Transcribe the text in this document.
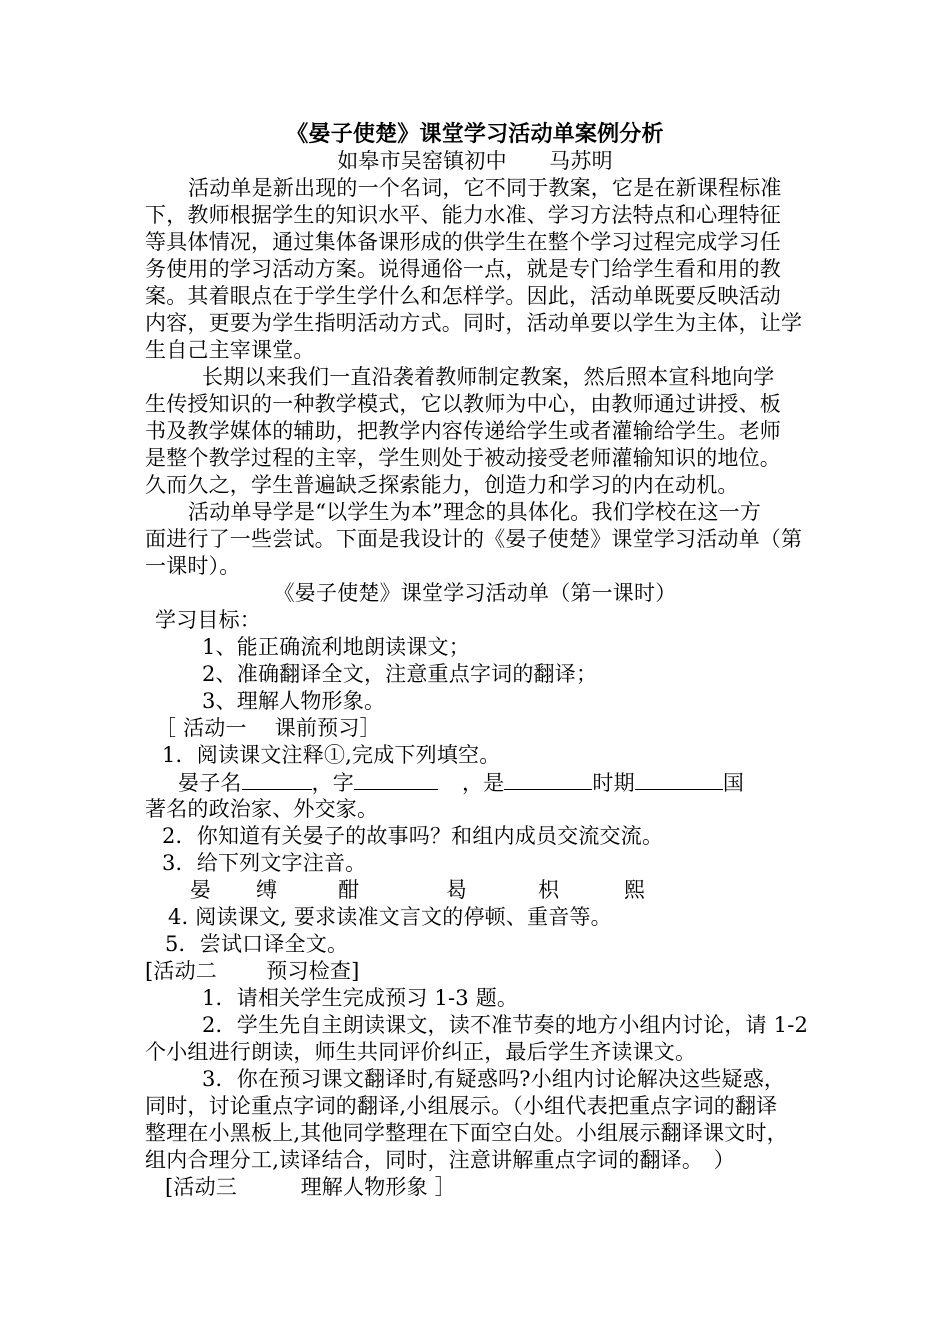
《晏子使楚》课堂学习活动单案例分析
如皋市吴窑镇初中　　马苏明
活动单是新出现的一个名词，它不同于教案，它是在新课程标准
下，教师根据学生的知识水平、能力水准、学习方法特点和心理特征
等具体情况，通过集体备课形成的供学生在整个学习过程完成学习任
务使用的学习活动方案。说得通俗一点，就是专门给学生看和用的教
案。其着眼点在于学生学什么和怎样学。因此，活动单既要反映活动
内容，更要为学生指明活动方式。同时，活动单要以学生为主体，让学
生自己主宰课堂。
长期以来我们一直沿袭着教师制定教案，然后照本宣科地向学
生传授知识的一种教学模式，它以教师为中心，由教师通过讲授、板
书及教学媒体的辅助，把教学内容传递给学生或者灌输给学生。老师
是整个教学过程的主宰，学生则处于被动接受老师灌输知识的地位。
久而久之，学生普遍缺乏探索能力，创造力和学习的内在动机。
活动单导学是“以学生为本”理念的具体化。我们学校在这一方
面进行了一些尝试。下面是我设计的《晏子使楚》课堂学习活动单（第
一课时）。
《晏子使楚》课堂学习活动单（第一课时）
学习目标：
1、能正确流利地朗读课文；
2、准确翻译全文，注意重点字词的翻译；
3、理解人物形象。
［ 活动一　 课前预习］
1．阅读课文注释①,完成下列填空。
晏子名	，字	，是	时期	国
著名的政治家、外交家。
2．你知道有关晏子的故事吗？和组内成员交流交流。
3．给下列文字注音。
晏 缚	酣	曷	枳	熙
4. 阅读课文, 要求读准文言文的停顿、重音等。
5．尝试口译全文。
[活动二　　 预习检查]
1．请相关学生完成预习 1-3 题。
2．学生先自主朗读课文，读不准节奏的地方小组内讨论，请 1-2
个小组进行朗读，师生共同评价纠正，最后学生齐读课文。
3．你在预习课文翻译时,有疑惑吗?小组内讨论解决这些疑惑，
同时，讨论重点字词的翻译,小组展示。（小组代表把重点字词的翻译
整理在小黑板上,其他同学整理在下面空白处。小组展示翻译课文时，
组内合理分工,读译结合，同时，注意讲解重点字词的翻译。　）
[活动三　　　理解人物形象 ］
